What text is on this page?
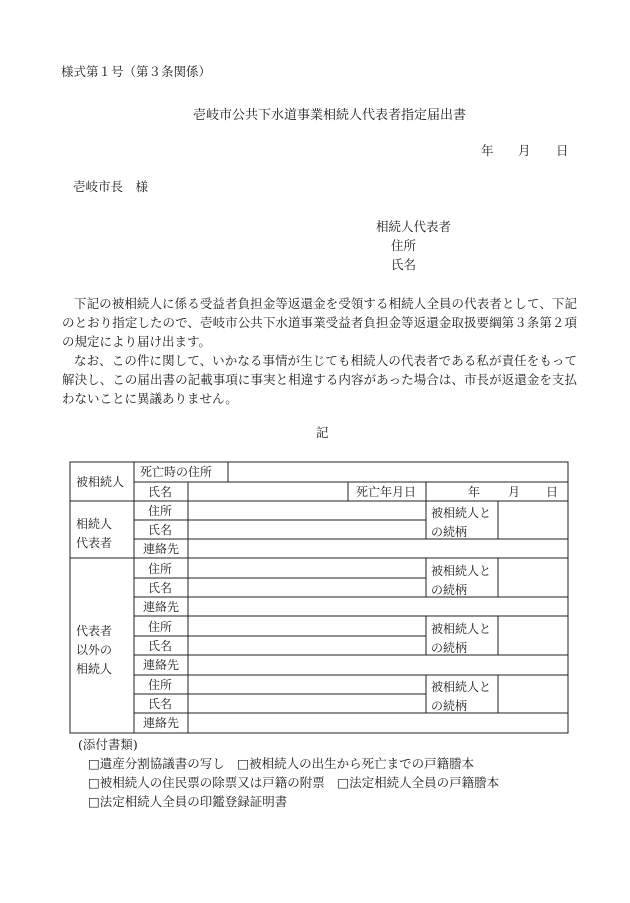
様式第１号（第３条関係）
壱岐市公共下水道事業相続人代表者指定届出書
年 月 日
壱岐市長　様
相続人代表者
住所
氏名

下記の被相続人に係る受益者負担金等返還金を受領する相続人全員の代表者として、下記のとおり指定したので、壱岐市公共下水道事業受益者負担金等返還金取扱要綱第３条第２項の規定により届け出ます。

なお、この件に関して、いかなる事情が生じても相続人の代表者である私が責任をもって解決し、この届出書の記載事項に事実と相違する内容があった場合は、市長が返還金を支払わないことに異議ありません。

記
被相続人
死亡時の住所
氏名	死亡年月日	年 月 日
相続人
代表者
住所
氏名
連絡先
被相続人との続柄
代表者
以外の
相続人
住所
氏名
連絡先
被相続人との続柄
住所
氏名
連絡先
被相続人との続柄
住所
氏名
連絡先
被相続人との続柄
(添付書類)
□遺産分割協議書の写し　□被相続人の出生から死亡までの戸籍謄本
□被相続人の住民票の除票又は戸籍の附票　□法定相続人全員の戸籍謄本
□法定相続人全員の印鑑登録証明書
